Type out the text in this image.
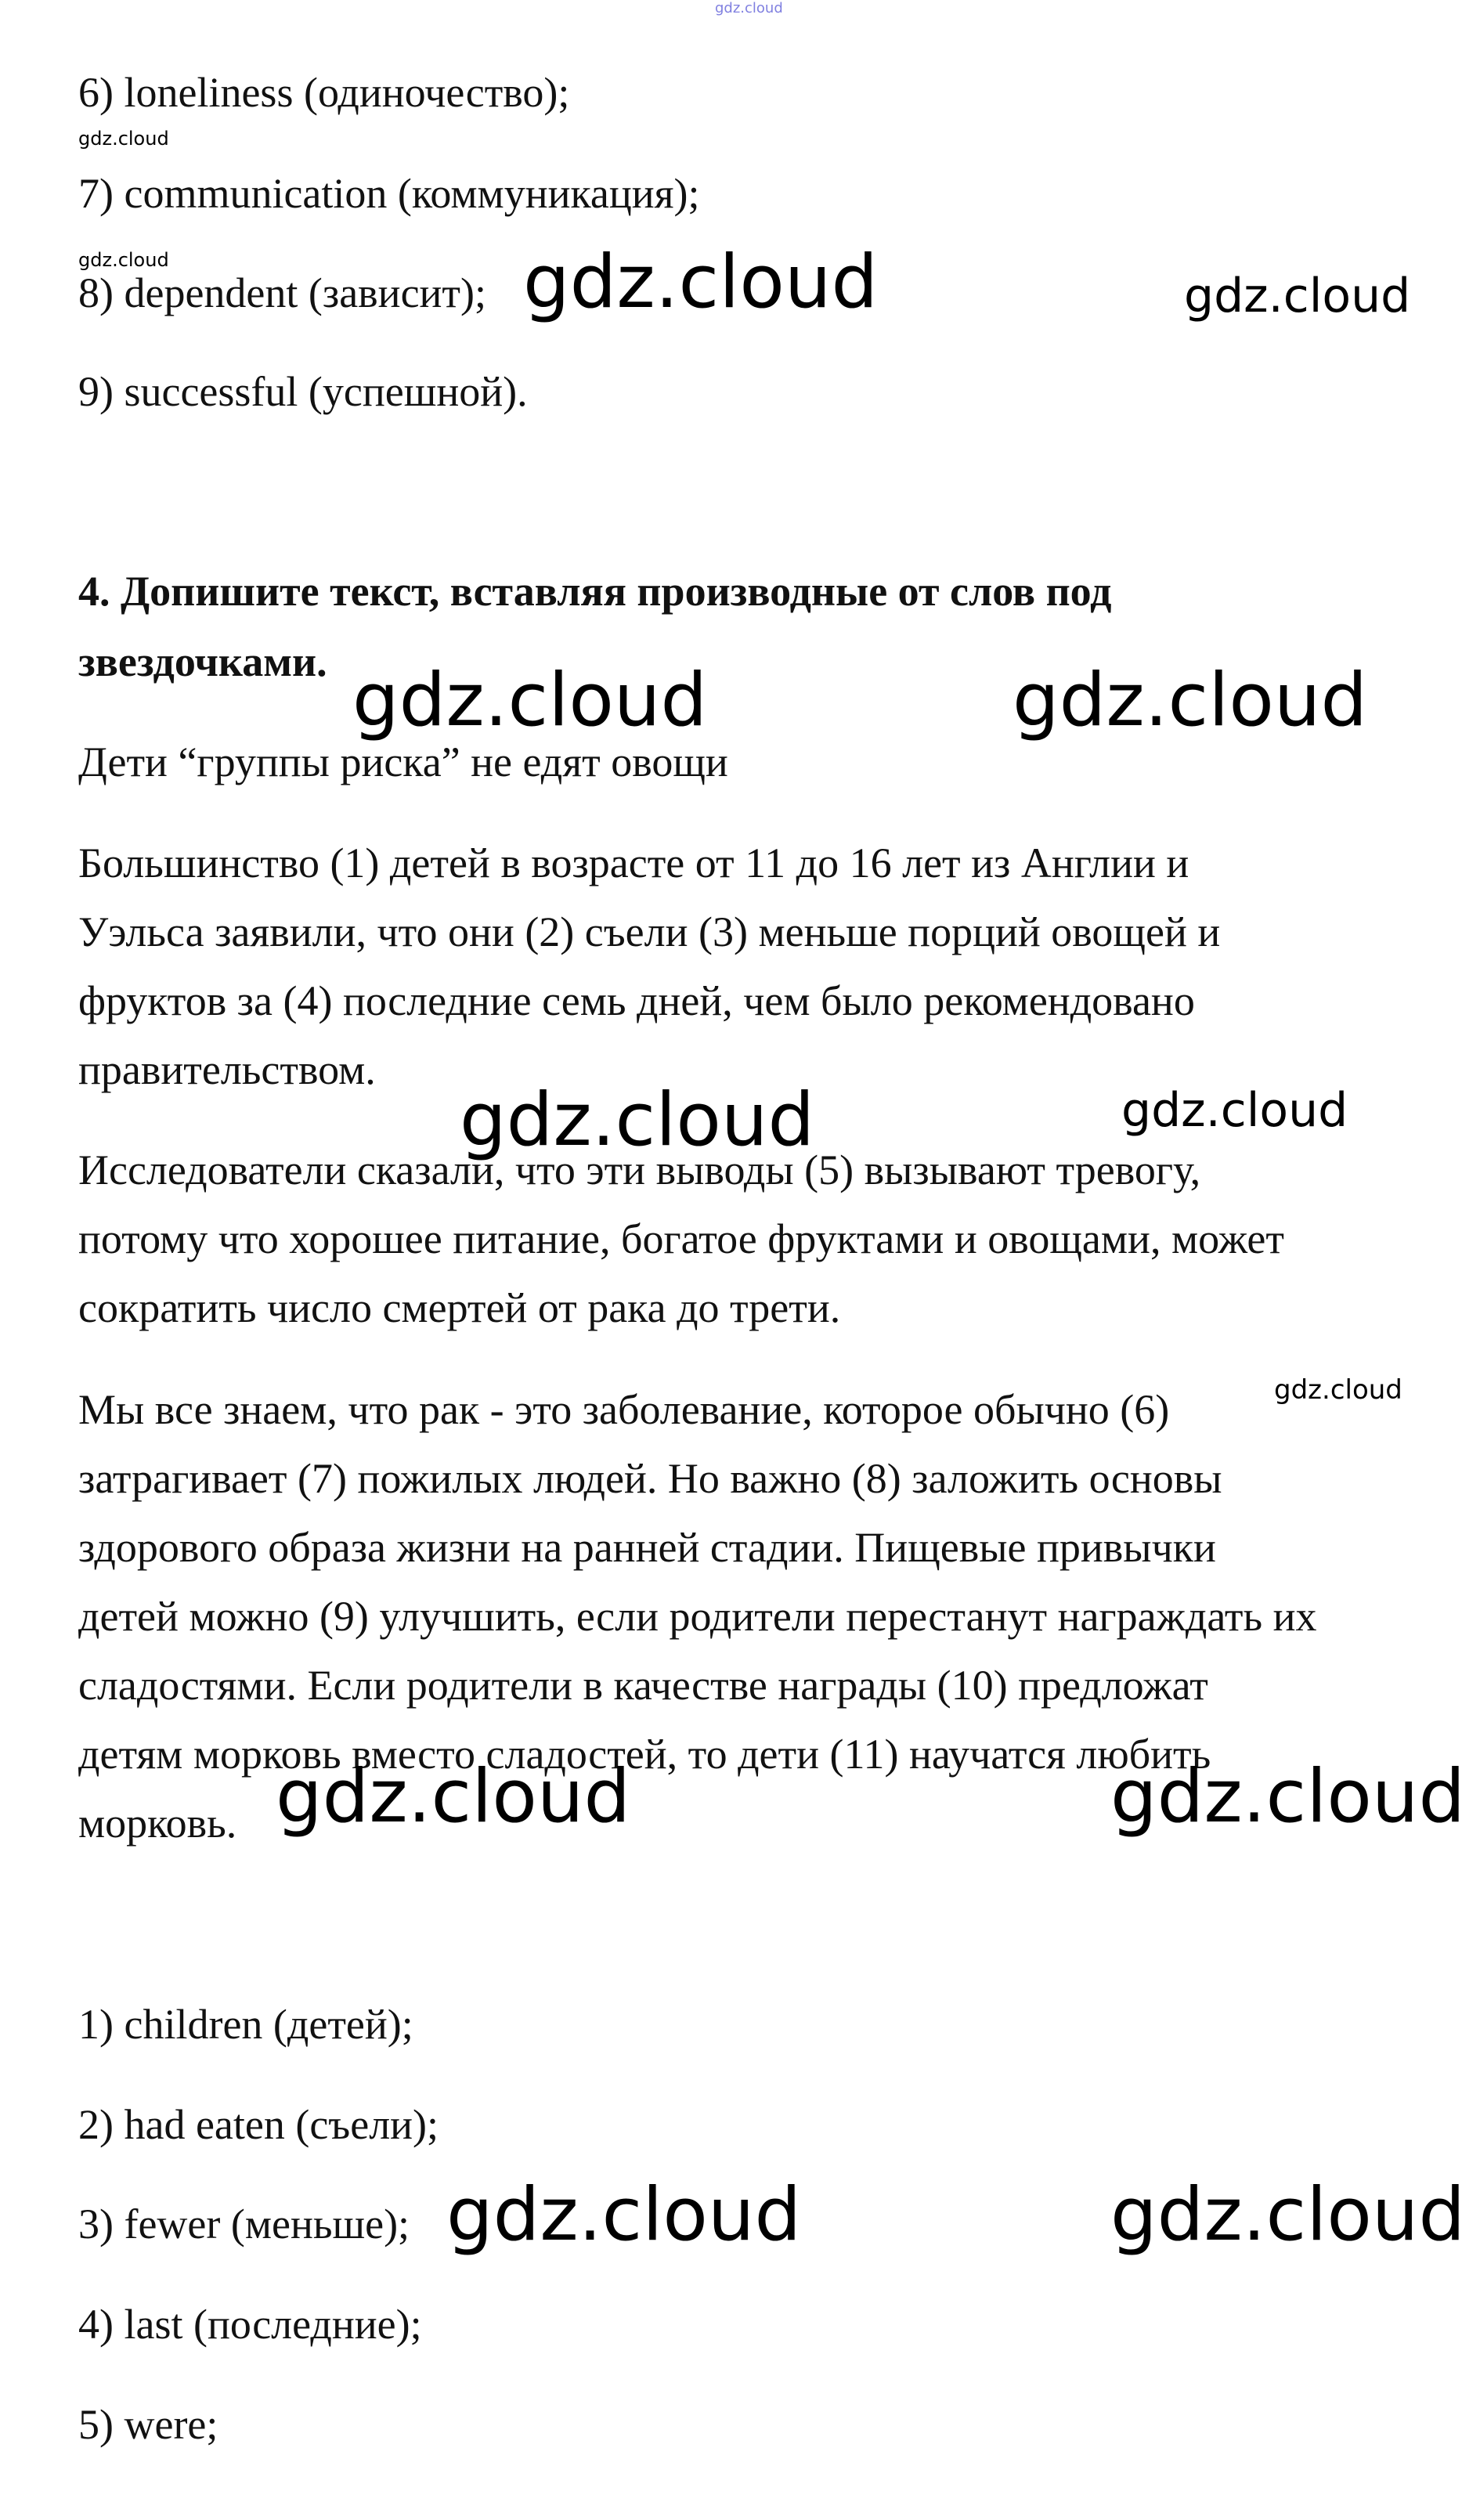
gdz.cloud

6) loneliness (одиночество);

gdz.cloud

7) communication (коммуникация);

gdz.cloud

8) dependent (зависит); gdz.cloud	gdz.cloud

9) successful (успешной).

4. Допишите текст, вставляя производные от слов под

звездочками. gdz.cloud	gdz.cloud

Дети “группы риска” не едят овощи

Большинство (1) детей в возрасте от 11 до 16 лет из Англии и

Уэльса заявили, что они (2) съели (3) меньше порций овощей и

фруктов за (4) последние семь дней, чем было рекомендовано

правительством.

gdz.cloud	gdz.cloud

Исследователи сказали, что эти выводы (5) вызывают тревогу,

потому что хорошее питание, богатое фруктами и овощами, может

сократить число смертей от рака до трети.

gdz.cloud

Мы все знаем, что рак - это заболевание, которое обычно (6)

затрагивает (7) пожилых людей. Но важно (8) заложить основы

здорового образа жизни на ранней стадии. Пищевые привычки

детей можно (9) улучшить, если родители перестанут награждать их

сладостями. Если родители в качестве награды (10) предложат

детям морковь вместо сладостей, то дети (11) научатся любить

морковь. gdz.cloud	gdz.cloud

1) children (детей);

2) had eaten (съели);

3) fewer (меньше); gdz.cloud	gdz.cloud

4) last (последние);

5) were;
